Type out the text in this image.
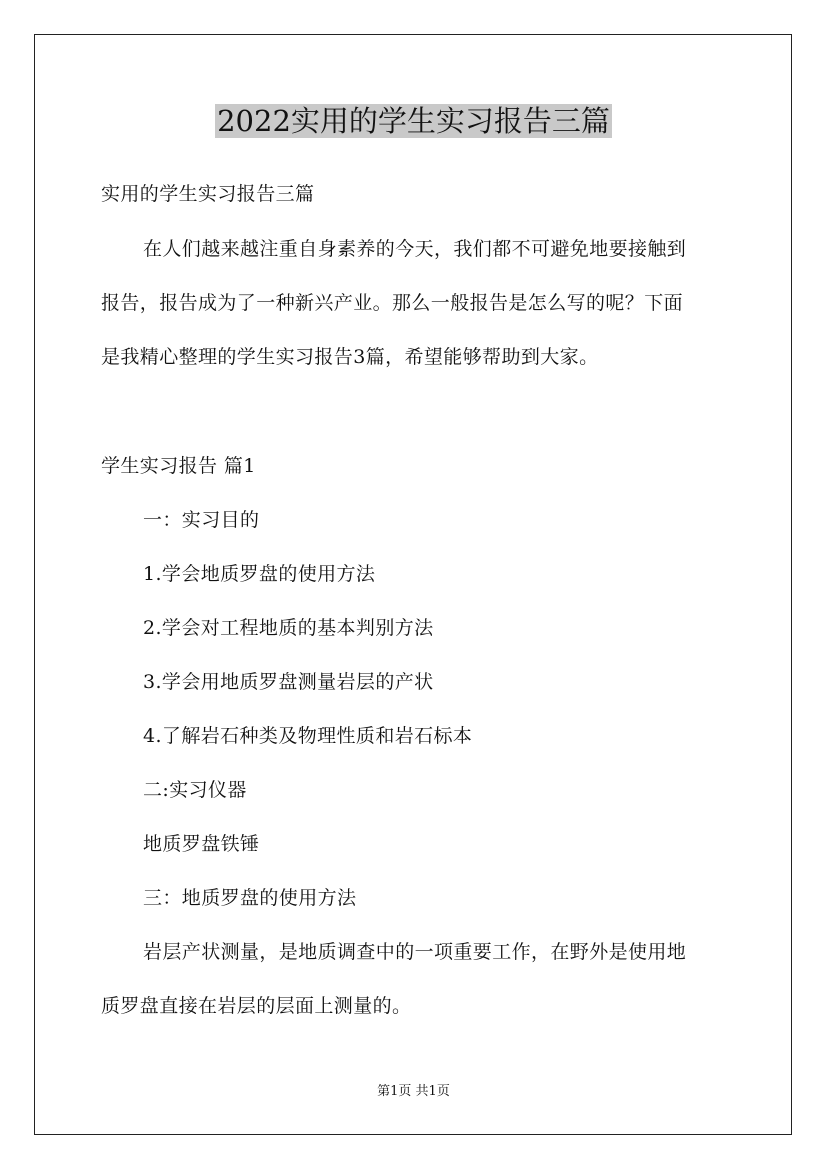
2022实用的学生实习报告三篇

实用的学生实习报告三篇

在人们越来越注重自身素养的今天，我们都不可避免地要接触到

报告，报告成为了一种新兴产业。那么一般报告是怎么写的呢？下面

是我精心整理的学生实习报告3篇，希望能够帮助到大家。

学生实习报告 篇1

一：实习目的

1.学会地质罗盘的使用方法

2.学会对工程地质的基本判别方法

3.学会用地质罗盘测量岩层的产状

4.了解岩石种类及物理性质和岩石标本

二:实习仪器

地质罗盘铁锤

三：地质罗盘的使用方法

岩层产状测量，是地质调查中的一项重要工作，在野外是使用地

质罗盘直接在岩层的层面上测量的。

第1页 共1页
